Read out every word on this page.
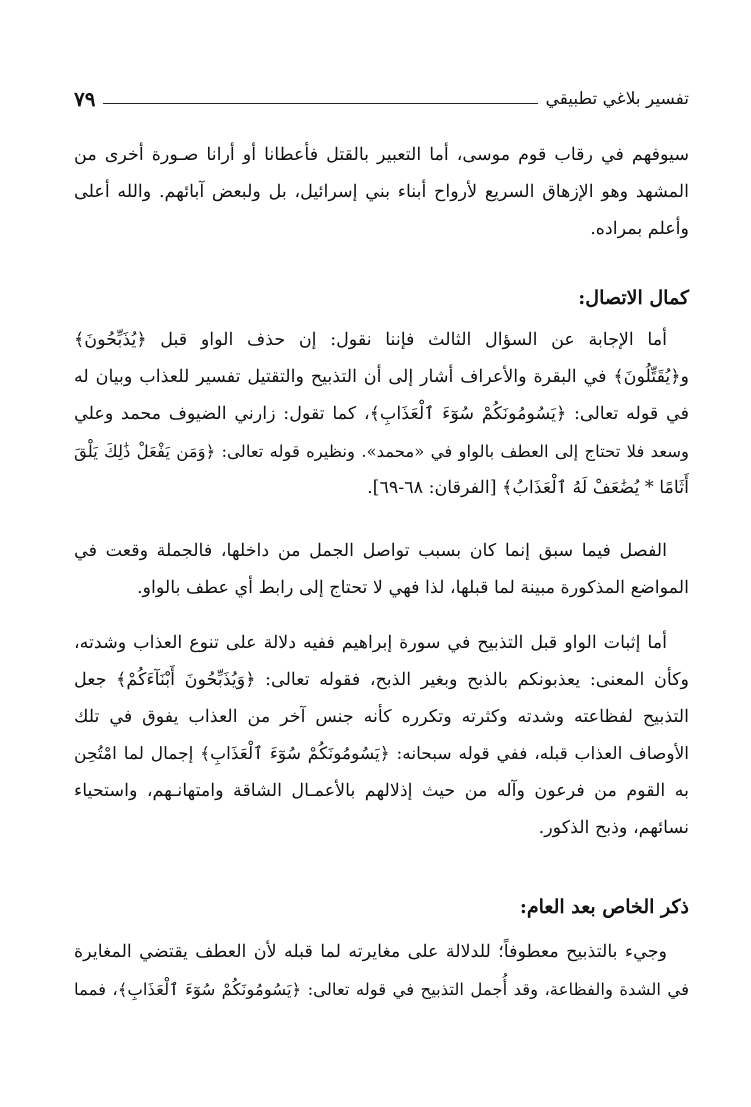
تفسير بلاغي تطبيقي
٧٩
سيوفهم في رقاب قوم موسى، أما التعبير بالقتل فأعطانا أو أرانا صـورة أخرى من
المشهد وهو الإزهاق السريع لأرواح أبناء بني إسرائيل، بل ولبعض آبائهم. والله أعلى
وأعلم بمراده.
كمال الاتصال:
أما الإجابة عن السؤال الثالث فإننا نقول: إن حذف الواو قبل ﴿يُذَبِّحُونَ﴾
و﴿يُقَتِّلُونَ﴾ في البقرة والأعراف أشار إلى أن التذبيح والتقتيل تفسير للعذاب وبيان له
في قوله تعالى: ﴿يَسُومُونَكُمْ سُوٓءَ ٱلْعَذَابِ﴾، كما تقول: زارني الضيوف محمد وعلي
وسعد فلا تحتاج إلى العطف بالواو في «محمد». ونظيره قوله تعالى: ﴿وَمَن يَفْعَلْ ذَٰلِكَ يَلْقَ
أَثَامًا * يُضَٰعَفْ لَهُ ٱلْعَذَابُ﴾ [الفرقان: ٦٨-٦٩].
الفصل فيما سبق إنما كان بسبب تواصل الجمل من داخلها، فالجملة وقعت في
المواضع المذكورة مبينة لما قبلها، لذا فهي لا تحتاج إلى رابط أي عطف بالواو.
أما إثبات الواو قبل التذبيح في سورة إبراهيم ففيه دلالة على تنوع العذاب وشدته،
وكأن المعنى: يعذبونكم بالذبح وبغير الذبح، فقوله تعالى: ﴿وَيُذَبِّحُونَ أَبْنَآءَكُمْ﴾ جعل
التذبيح لفظاعته وشدته وكثرته وتكرره كأنه جنس آخر من العذاب يفوق في تلك
الأوصاف العذاب قبله، ففي قوله سبحانه: ﴿يَسُومُونَكُمْ سُوٓءَ ٱلْعَذَابِ﴾ إجمال لما امْتُحِن
به القوم من فرعون وآله من حيث إذلالهم بالأعمـال الشاقة وامتهانـهم، واستحياء
نسائهم، وذبح الذكور.
ذكر الخاص بعد العام:
وجيء بالتذبيح معطوفاً؛ للدلالة على مغايرته لما قبله لأن العطف يقتضي المغايرة
في الشدة والفظاعة، وقد أُجمل التذبيح في قوله تعالى: ﴿يَسُومُونَكُمْ سُوٓءَ ٱلْعَذَابِ﴾، فمما
